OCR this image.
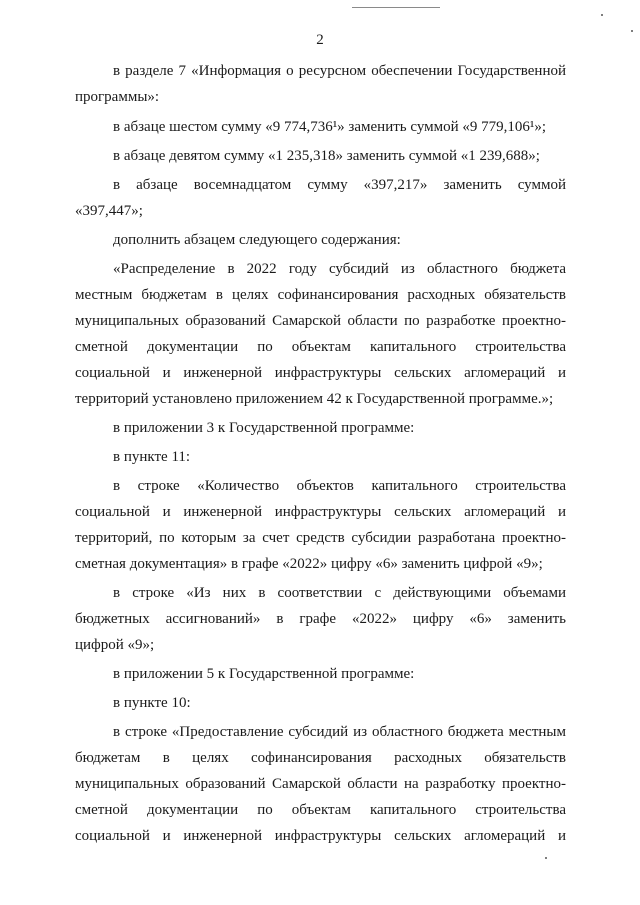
2

в разделе 7 «Информация о ресурсном обеспечении Государственной

программы»:

в абзаце шестом сумму «9 774,736¹» заменить суммой «9 779,106¹»;

в абзаце девятом сумму «1 235,318» заменить суммой «1 239,688»;

в абзаце восемнадцатом сумму «397,217» заменить суммой

«397,447»;

дополнить абзацем следующего содержания:

«Распределение в 2022 году субсидий из областного бюджета

местным бюджетам в целях софинансирования расходных обязательств

муниципальных образований Самарской области по разработке проектно-

сметной документации по объектам капитального строительства

социальной и инженерной инфраструктуры сельских агломераций и

территорий установлено приложением 42 к Государственной программе.»;

в приложении 3 к Государственной программе:

в пункте 11:

в строке «Количество объектов капитального строительства

социальной и инженерной инфраструктуры сельских агломераций и

территорий, по которым за счет средств субсидии разработана проектно-

сметная документация» в графе «2022» цифру «6» заменить цифрой «9»;

в строке «Из них в соответствии с действующими объемами

бюджетных ассигнований» в графе «2022» цифру «6» заменить

цифрой «9»;

в приложении 5 к Государственной программе:

в пункте 10:

в строке «Предоставление субсидий из областного бюджета местным

бюджетам в целях софинансирования расходных обязательств

муниципальных образований Самарской области на разработку проектно-

сметной документации по объектам капитального строительства

социальной и инженерной инфраструктуры сельских агломераций и
